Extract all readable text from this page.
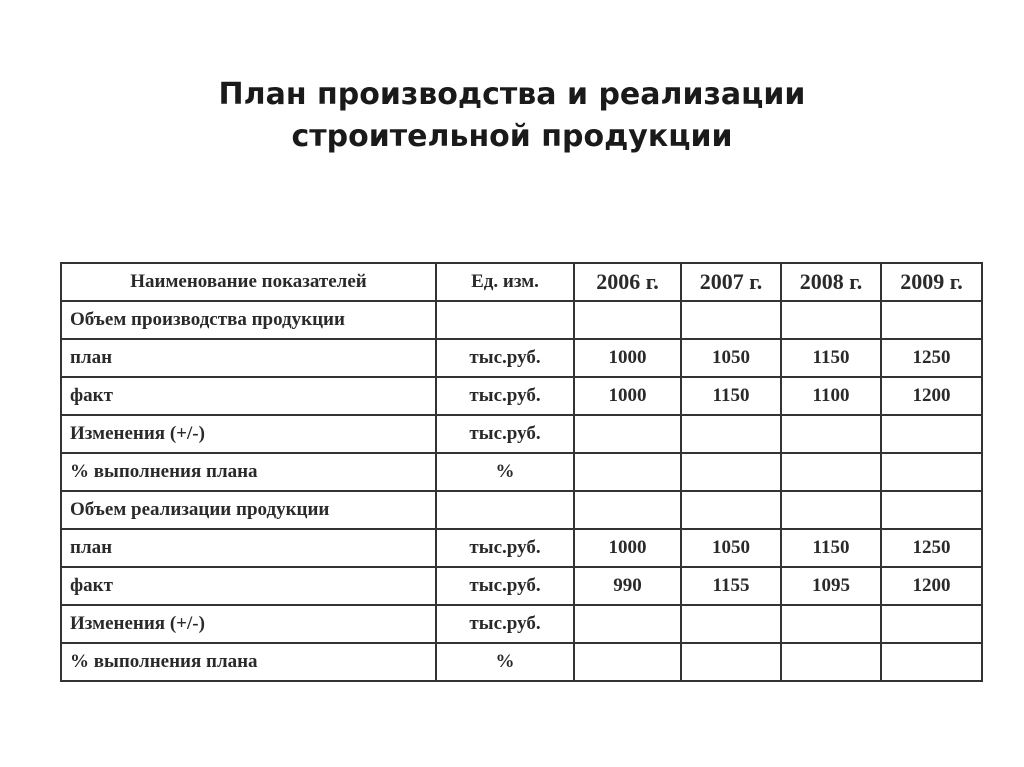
План производства и реализации
строительной продукции
Наименование показателей	Ед. изм.	2006 г.	2007 г.	2008 г.	2009 г.
Объем производства продукции					
план	тыс.руб.	1000	1050	1150	1250
факт	тыс.руб.	1000	1150	1100	1200
Изменения (+/-)	тыс.руб.				
% выполнения плана	%				
Объем реализации продукции					
план	тыс.руб.	1000	1050	1150	1250
факт	тыс.руб.	990	1155	1095	1200
Изменения (+/-)	тыс.руб.				
% выполнения плана	%				
